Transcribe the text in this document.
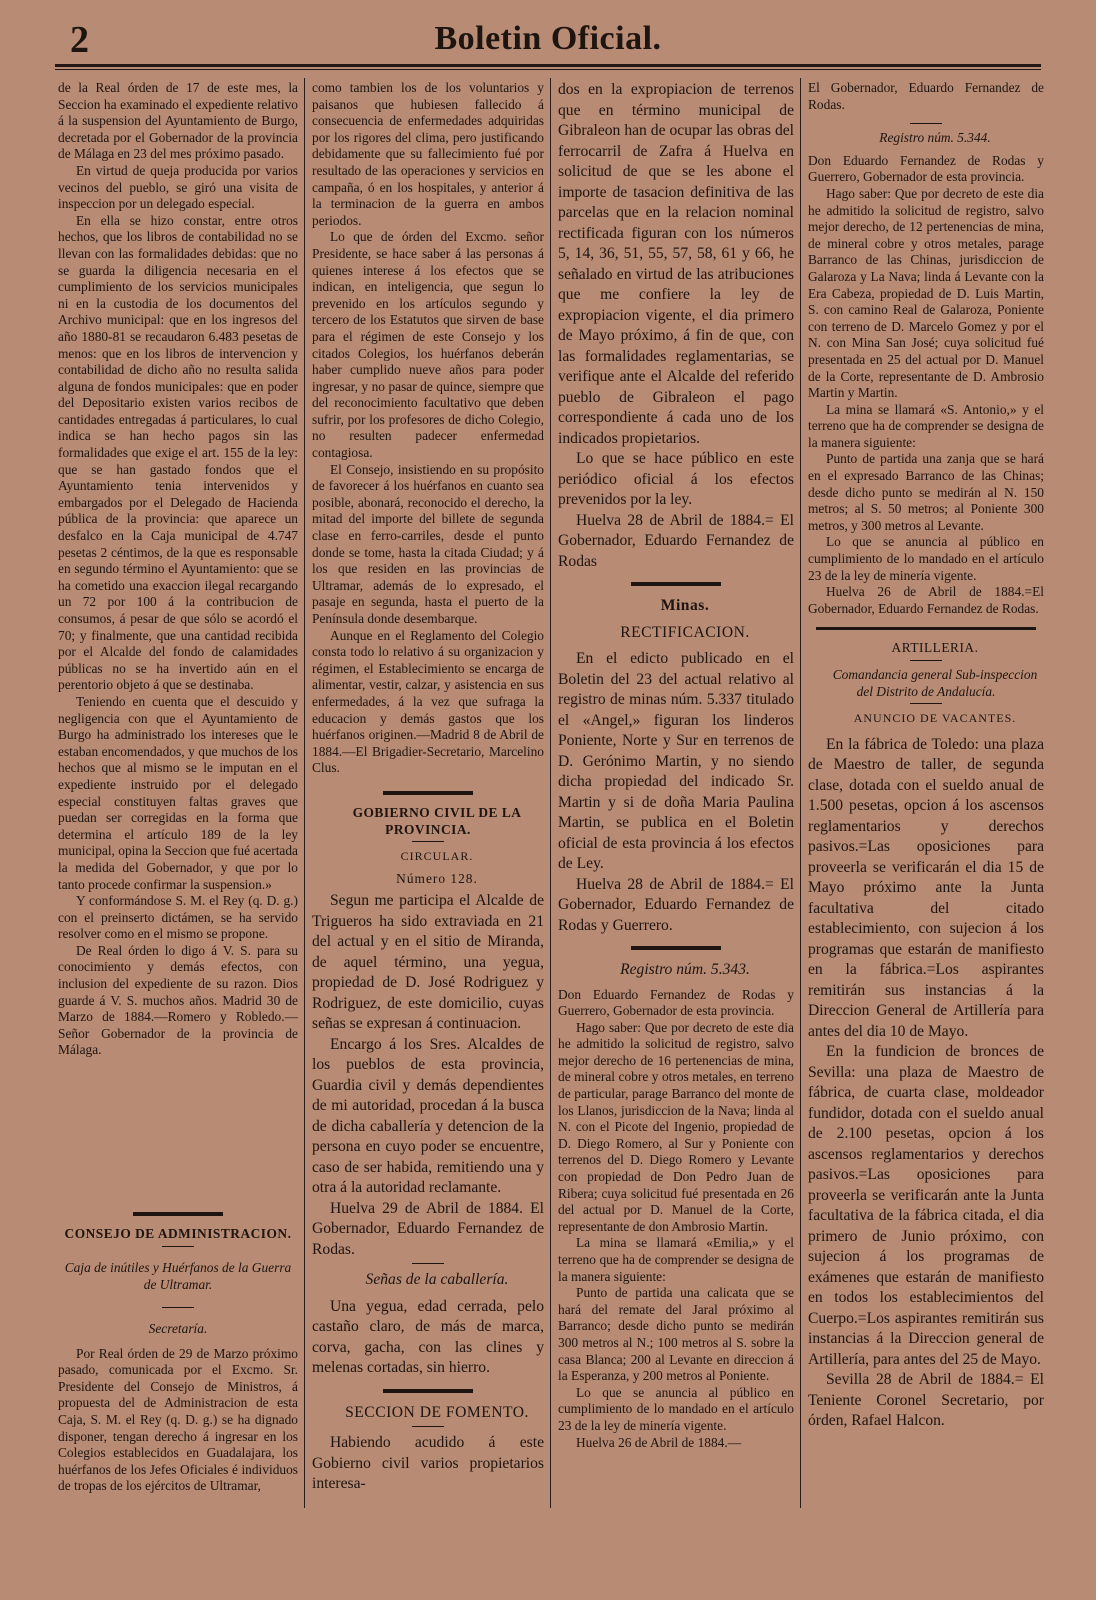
2	Boletin Oficial.

de la Real órden de 17 de este mes, la Seccion ha examinado el expediente relativo á la suspension del Ayuntamiento de Burgo, decretada por el Gobernador de la provincia de Málaga en 23 del mes próximo pasado.

En virtud de queja producida por varios vecinos del pueblo, se giró una visita de inspeccion por un delegado especial.

En ella se hizo constar, entre otros hechos, que los libros de contabilidad no se llevan con las formalidades debidas: que no se guarda la diligencia necesaria en el cumplimiento de los servicios municipales ni en la custodia de los documentos del Archivo municipal: que en los ingresos del año 1880-81 se recaudaron 6.483 pesetas de menos: que en los libros de intervencion y contabilidad de dicho año no resulta salida alguna de fondos municipales: que en poder del Depositario existen varios recibos de cantidades entregadas á particulares, lo cual indica se han hecho pagos sin las formalidades que exige el art. 155 de la ley: que se han gastado fondos que el Ayuntamiento tenia intervenidos y embargados por el Delegado de Hacienda pública de la provincia: que aparece un desfalco en la Caja municipal de 4.747 pesetas 2 céntimos, de la que es responsable en segundo término el Ayuntamiento: que se ha cometido una exaccion ilegal recargando un 72 por 100 á la contribucion de consumos, á pesar de que sólo se acordó el 70; y finalmente, que una cantidad recibida por el Alcalde del fondo de calamidades públicas no se ha invertido aún en el perentorio objeto á que se destinaba.

Teniendo en cuenta que el descuido y negligencia con que el Ayuntamiento de Burgo ha administrado los intereses que le estaban encomendados, y que muchos de los hechos que al mismo se le imputan en el expediente instruido por el delegado especial constituyen faltas graves que puedan ser corregidas en la forma que determina el artículo 189 de la ley municipal, opina la Seccion que fué acertada la medida del Gobernador, y que por lo tanto procede confirmar la suspension.»

Y conformándose S. M. el Rey (q. D. g.) con el preinserto dictámen, se ha servido resolver como en el mismo se propone.

De Real órden lo digo á V. S. para su conocimiento y demás efectos, con inclusion del expediente de su razon. Dios guarde á V. S. muchos años. Madrid 30 de Marzo de 1884.—Romero y Robledo.—Señor Gobernador de la provincia de Málaga.

CONSEJO DE ADMINISTRACION.

Caja de inútiles y Huérfanos de la Guerra de Ultramar.

Secretaría.

Por Real órden de 29 de Marzo próximo pasado, comunicada por el Excmo. Sr. Presidente del Consejo de Ministros, á propuesta del de Administracion de esta Caja, S. M. el Rey (q. D. g.) se ha dignado disponer, tengan derecho á ingresar en los Colegios establecidos en Guadalajara, los huérfanos de los Jefes Oficiales é individuos de tropas de los ejércitos de Ultramar,

como tambien los de los voluntarios y paisanos que hubiesen fallecido á consecuencia de enfermedades adquiridas por los rigores del clima, pero justificando debidamente que su fallecimiento fué por resultado de las operaciones y servicios en campaña, ó en los hospitales, y anterior á la terminacion de la guerra en ambos periodos.

Lo que de órden del Excmo. señor Presidente, se hace saber á las personas á quienes interese á los efectos que se indican, en inteligencia, que segun lo prevenido en los artículos segundo y tercero de los Estatutos que sirven de base para el régimen de este Consejo y los citados Colegios, los huérfanos deberán haber cumplido nueve años para poder ingresar, y no pasar de quince, siempre que del reconocimiento facultativo que deben sufrir, por los profesores de dicho Colegio, no resulten padecer enfermedad contagiosa.

El Consejo, insistiendo en su propósito de favorecer á los huérfanos en cuanto sea posible, abonará, reconocido el derecho, la mitad del importe del billete de segunda clase en ferro-carriles, desde el punto donde se tome, hasta la citada Ciudad; y á los que residen en las provincias de Ultramar, además de lo expresado, el pasaje en segunda, hasta el puerto de la Península donde desembarque.

Aunque en el Reglamento del Colegio consta todo lo relativo á su organizacion y régimen, el Establecimiento se encarga de alimentar, vestir, calzar, y asistencia en sus enfermedades, á la vez que sufraga la educacion y demás gastos que los huérfanos originen.—Madrid 8 de Abril de 1884.—El Brigadier-Secretario, Marcelino Clus.

GOBIERNO CIVIL DE LA PROVINCIA.

CIRCULAR.

Número 128.

Segun me participa el Alcalde de Trigueros ha sido extraviada en 21 del actual y en el sitio de Miranda, de aquel término, una yegua, propiedad de D. José Rodriguez y Rodriguez, de este domicilio, cuyas señas se expresan á continuacion.

Encargo á los Sres. Alcaldes de los pueblos de esta provincia, Guardia civil y demás dependientes de mi autoridad, procedan á la busca de dicha caballería y detencion de la persona en cuyo poder se encuentre, caso de ser habida, remitiendo una y otra á la autoridad reclamante.

Huelva 29 de Abril de 1884. El Gobernador, Eduardo Fernandez de Rodas.

Señas de la caballería.

Una yegua, edad cerrada, pelo castaño claro, de más de marca, corva, gacha, con las clines y melenas cortadas, sin hierro.

SECCION DE FOMENTO.

Habiendo acudido á este Gobierno civil varios propietarios interesa-

dos en la expropiacion de terrenos que en término municipal de Gibraleon han de ocupar las obras del ferrocarril de Zafra á Huelva en solicitud de que se les abone el importe de tasacion definitiva de las parcelas que en la relacion nominal rectificada figuran con los números 5, 14, 36, 51, 55, 57, 58, 61 y 66, he señalado en virtud de las atribuciones que me confiere la ley de expropiacion vigente, el dia primero de Mayo próximo, á fin de que, con las formalidades reglamentarias, se verifique ante el Alcalde del referido pueblo de Gibraleon el pago correspondiente á cada uno de los indicados propietarios.

Lo que se hace público en este periódico oficial á los efectos prevenidos por la ley.

Huelva 28 de Abril de 1884.= El Gobernador, Eduardo Fernandez de Rodas

Minas.

RECTIFICACION.

En el edicto publicado en el Boletin del 23 del actual relativo al registro de minas núm. 5.337 titulado el «Angel,» figuran los linderos Poniente, Norte y Sur en terrenos de D. Gerónimo Martin, y no siendo dicha propiedad del indicado Sr. Martin y si de doña Maria Paulina Martin, se publica en el Boletin oficial de esta provincia á los efectos de Ley.

Huelva 28 de Abril de 1884.= El Gobernador, Eduardo Fernandez de Rodas y Guerrero.

Registro núm. 5.343.

Don Eduardo Fernandez de Rodas y Guerrero, Gobernador de esta provincia.

Hago saber: Que por decreto de este dia he admitido la solicitud de registro, salvo mejor derecho de 16 pertenencias de mina, de mineral cobre y otros metales, en terreno de particular, parage Barranco del monte de los Llanos, jurisdiccion de la Nava; linda al N. con el Picote del Ingenio, propiedad de D. Diego Romero, al Sur y Poniente con terrenos del D. Diego Romero y Levante con propiedad de Don Pedro Juan de Ribera; cuya solicitud fué presentada en 26 del actual por D. Manuel de la Corte, representante de don Ambrosio Martin.

La mina se llamará «Emilia,» y el terreno que ha de comprender se designa de la manera siguiente:

Punto de partida una calicata que se hará del remate del Jaral próximo al Barranco; desde dicho punto se medirán 300 metros al N.; 100 metros al S. sobre la casa Blanca; 200 al Levante en direccion á la Esperanza, y 200 metros al Poniente.

Lo que se anuncia al público en cumplimiento de lo mandado en el artículo 23 de la ley de minería vigente.

Huelva 26 de Abril de 1884.—

El Gobernador, Eduardo Fernandez de Rodas.

Registro núm. 5.344.

Don Eduardo Fernandez de Rodas y Guerrero, Gobernador de esta provincia.

Hago saber: Que por decreto de este dia he admitido la solicitud de registro, salvo mejor derecho, de 12 pertenencias de mina, de mineral cobre y otros metales, parage Barranco de las Chinas, jurisdiccion de Galaroza y La Nava; linda á Levante con la Era Cabeza, propiedad de D. Luis Martin, S. con camino Real de Galaroza, Poniente con terreno de D. Marcelo Gomez y por el N. con Mina San José; cuya solicitud fué presentada en 25 del actual por D. Manuel de la Corte, representante de D. Ambrosio Martin y Martin.

La mina se llamará «S. Antonio,» y el terreno que ha de comprender se designa de la manera siguiente:

Punto de partida una zanja que se hará en el expresado Barranco de las Chinas; desde dicho punto se medirán al N. 150 metros; al S. 50 metros; al Poniente 300 metros, y 300 metros al Levante.

Lo que se anuncia al público en cumplimiento de lo mandado en el artículo 23 de la ley de minería vigente.

Huelva 26 de Abril de 1884.=El Gobernador, Eduardo Fernandez de Rodas.

ARTILLERIA.

Comandancia general Sub-inspeccion del Distrito de Andalucía.

ANUNCIO DE VACANTES.

En la fábrica de Toledo: una plaza de Maestro de taller, de segunda clase, dotada con el sueldo anual de 1.500 pesetas, opcion á los ascensos reglamentarios y derechos pasivos.=Las oposiciones para proveerla se verificarán el dia 15 de Mayo próximo ante la Junta facultativa del citado establecimiento, con sujecion á los programas que estarán de manifiesto en la fábrica.=Los aspirantes remitirán sus instancias á la Direccion General de Artillería para antes del dia 10 de Mayo.

En la fundicion de bronces de Sevilla: una plaza de Maestro de fábrica, de cuarta clase, moldeador fundidor, dotada con el sueldo anual de 2.100 pesetas, opcion á los ascensos reglamentarios y derechos pasivos.=Las oposiciones para proveerla se verificarán ante la Junta facultativa de la fábrica citada, el dia primero de Junio próximo, con sujecion á los programas de exámenes que estarán de manifiesto en todos los establecimientos del Cuerpo.=Los aspirantes remitirán sus instancias á la Direccion general de Artillería, para antes del 25 de Mayo.

Sevilla 28 de Abril de 1884.= El Teniente Coronel Secretario, por órden, Rafael Halcon.
